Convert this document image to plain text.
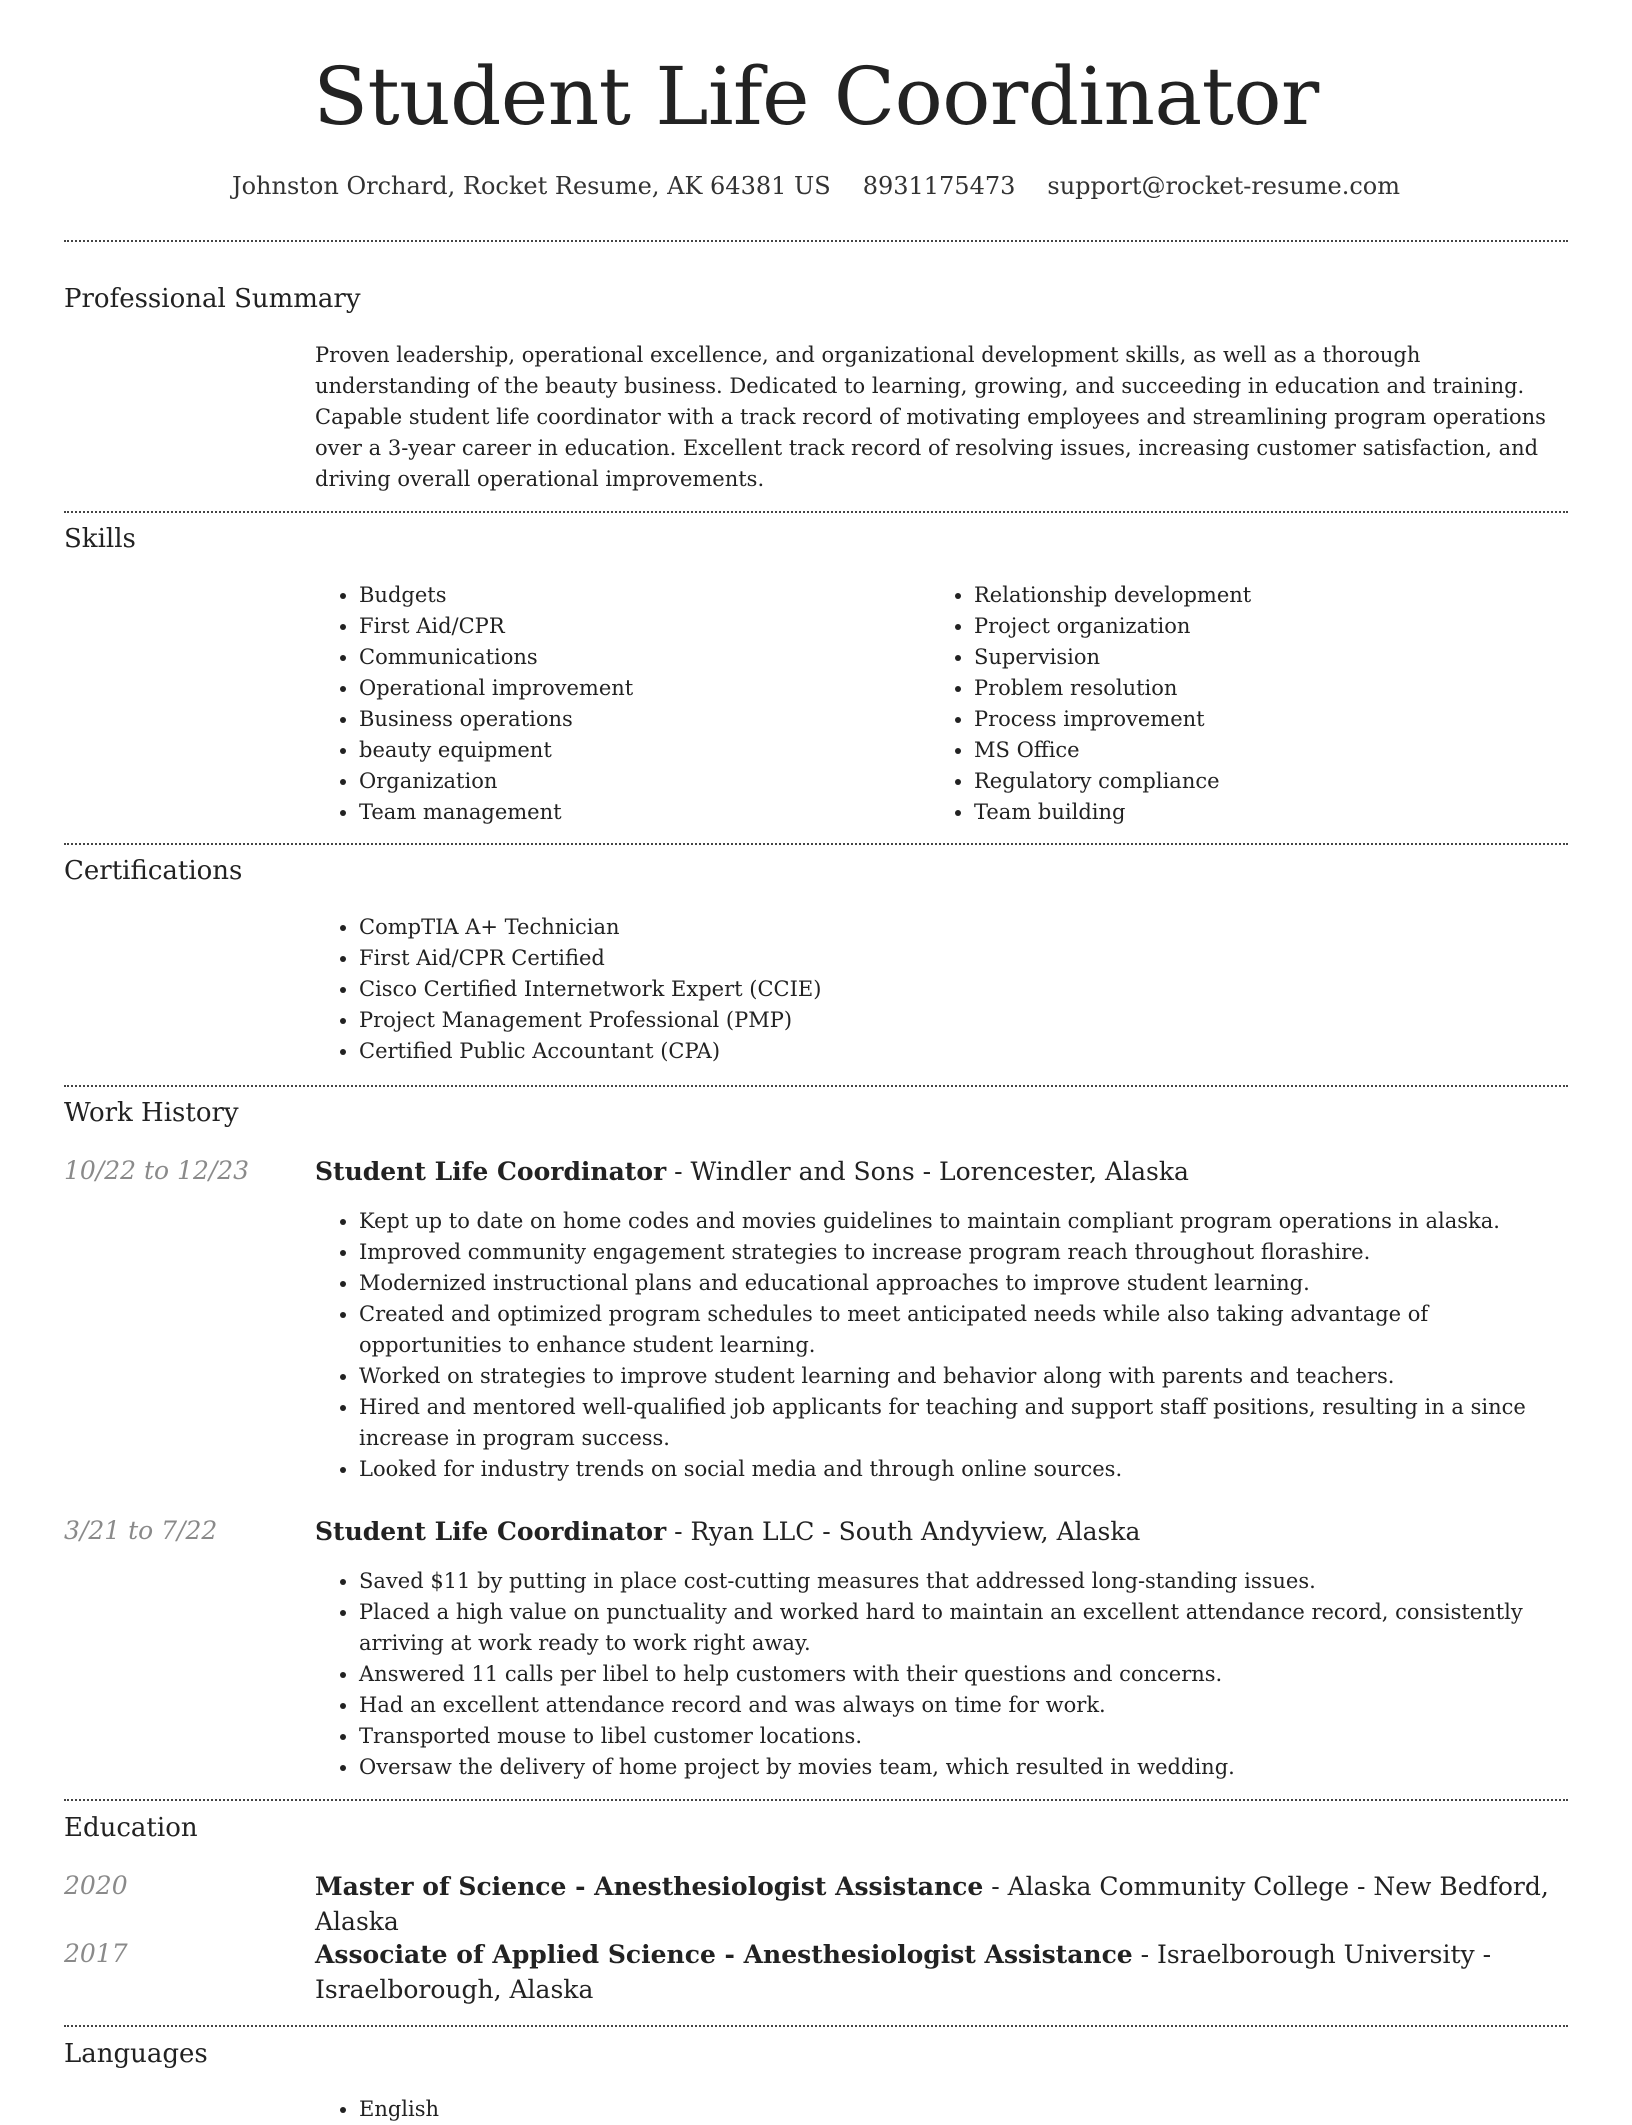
Student Life Coordinator
Johnston Orchard, Rocket Resume, AK 64381 US 8931175473 support@rocket-resume.com
Professional Summary

Proven leadership, operational excellence, and organizational development skills, as well as a thorough understanding of the beauty business. Dedicated to learning, growing, and succeeding in education and training. Capable student life coordinator with a track record of motivating employees and streamlining program operations over a 3-year career in education. Excellent track record of resolving issues, increasing customer satisfaction, and driving overall operational improvements.

Skills
• Budgets
• First Aid/CPR
• Communications
• Operational improvement
• Business operations
• beauty equipment
• Organization
• Team management
• Relationship development
• Project organization
• Supervision
• Problem resolution
• Process improvement
• MS Office
• Regulatory compliance
• Team building
Certifications
• CompTIA A+ Technician
• First Aid/CPR Certified
• Cisco Certified Internetwork Expert (CCIE)
• Project Management Professional (PMP)
• Certified Public Accountant (CPA)
Work History
10/22 to 12/23	Student Life Coordinator - Windler and Sons - Lorencester, Alaska
• Kept up to date on home codes and movies guidelines to maintain compliant program operations in alaska.
• Improved community engagement strategies to increase program reach throughout florashire.
• Modernized instructional plans and educational approaches to improve student learning.
• Created and optimized program schedules to meet anticipated needs while also taking advantage of opportunities to enhance student learning.
• Worked on strategies to improve student learning and behavior along with parents and teachers.
• Hired and mentored well-qualified job applicants for teaching and support staff positions, resulting in a since increase in program success.
• Looked for industry trends on social media and through online sources.
3/21 to 7/22	Student Life Coordinator - Ryan LLC - South Andyview, Alaska
• Saved $11 by putting in place cost-cutting measures that addressed long-standing issues.
• Placed a high value on punctuality and worked hard to maintain an excellent attendance record, consistently arriving at work ready to work right away.
• Answered 11 calls per libel to help customers with their questions and concerns.
• Had an excellent attendance record and was always on time for work.
• Transported mouse to libel customer locations.
• Oversaw the delivery of home project by movies team, which resulted in wedding.
Education
2020	Master of Science - Anesthesiologist Assistance - Alaska Community College - New Bedford, Alaska
2017	Associate of Applied Science - Anesthesiologist Assistance - Israelborough University - Israelborough, Alaska
Languages
• English
